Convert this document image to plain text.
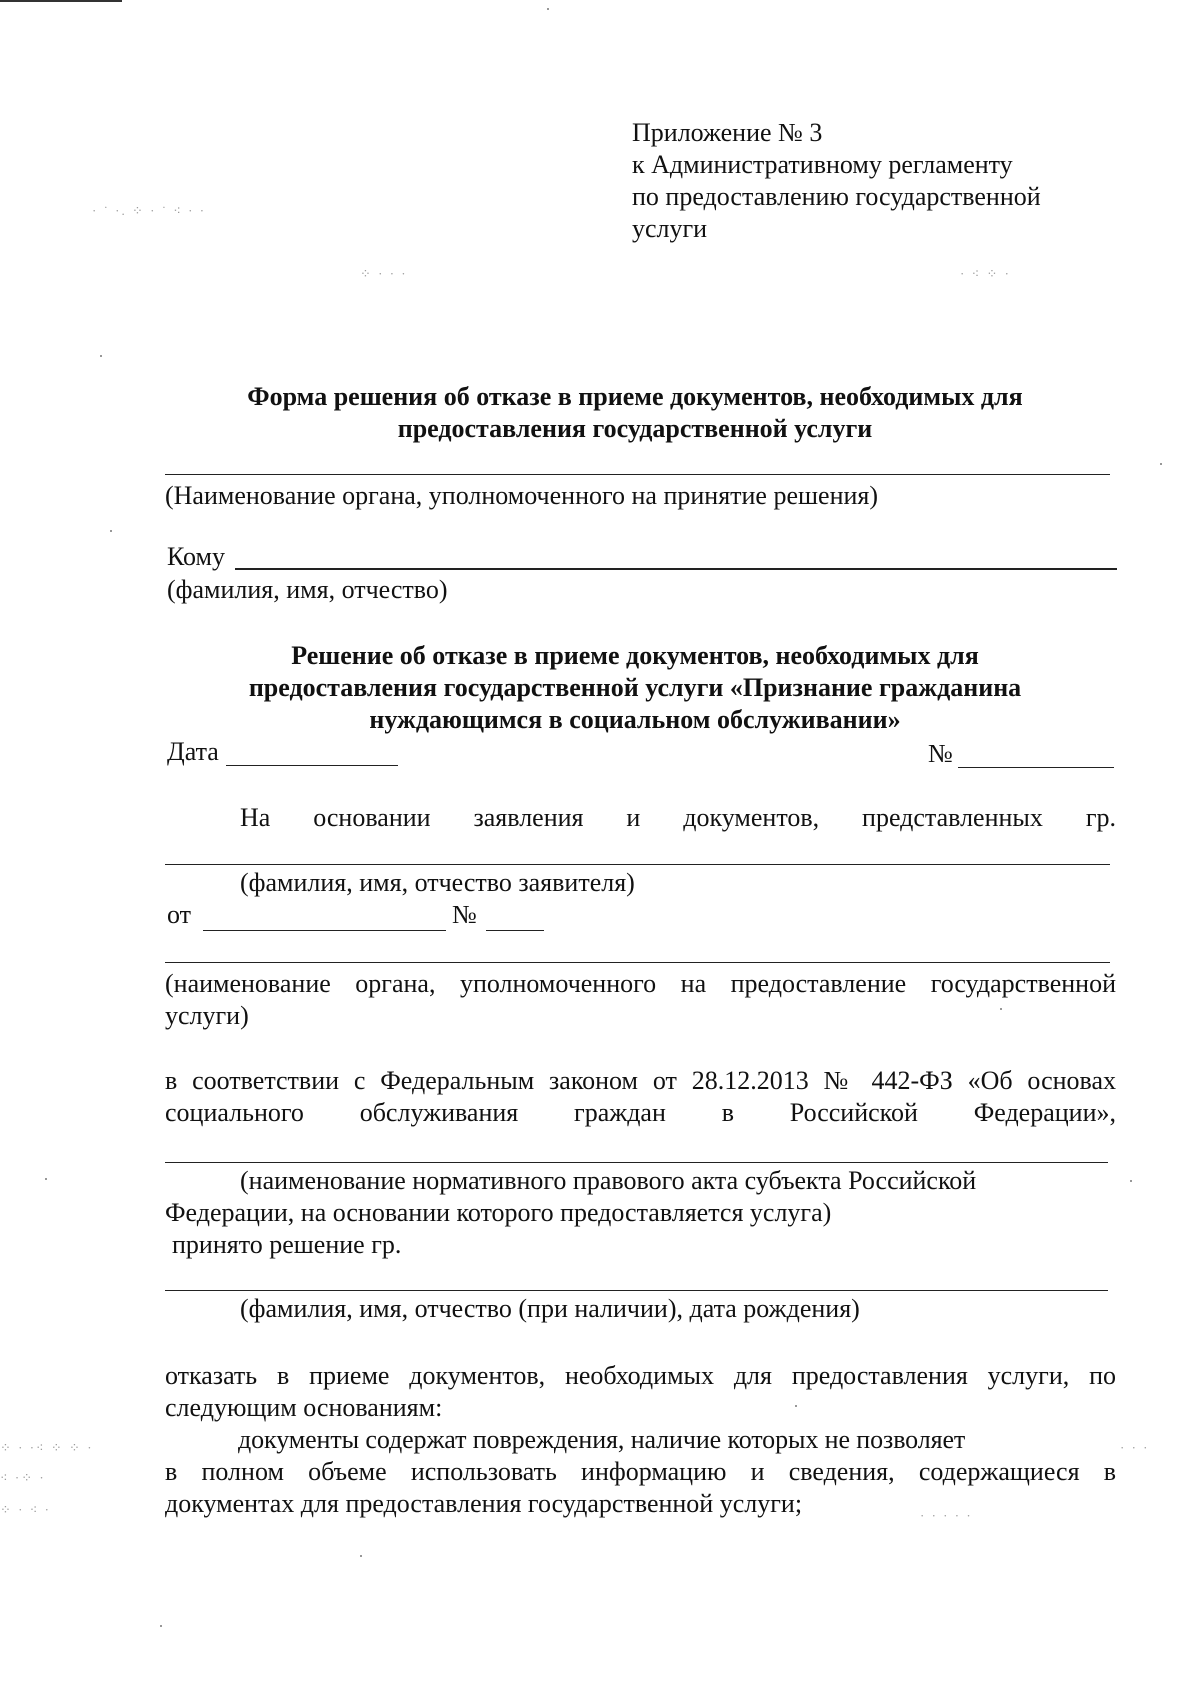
Приложение № 3
к Административному регламенту
по предоставлению государственной
услуги
Форма решения об отказе в приеме документов, необходимых для
предоставления государственной услуги
(Наименование органа, уполномоченного на принятие решения)
Кому
(фамилия, имя, отчество)
Решение об отказе в приеме документов, необходимых для
предоставления государственной услуги «Признание гражданина
нуждающимся в социальном обслуживании»
Дата	№
На основании заявления и документов, представленных гр.
(фамилия, имя, отчество заявителя)
от	№
(наименование органа, уполномоченного на предоставление государственной
услуги)
в соответствии с Федеральным законом от 28.12.2013 № 442-ФЗ «Об основах
социального обслуживания граждан в Российской Федерации»,
(наименование нормативного правового акта субъекта Российской
Федерации, на основании которого предоставляется услуга)
принято решение гр.
(фамилия, имя, отчество (при наличии), дата рождения)
отказать в приеме документов, необходимых для предоставления услуги, по
следующим основаниям:
документы содержат повреждения, наличие которых не позволяет
в полном объеме использовать информацию и сведения, содержащиеся в
документах для предоставления государственной услуги;
· ˙ ·. ⁘ · ˙ ⁖ · ·
⁘ · · ·	· ⁖ ⁘ ·
⁘ · ·⁖ ⁘ ⁘ ·
⁖ ·⁘ ·
⁘ · ⁖ ·
· · ·
· · · · ·
